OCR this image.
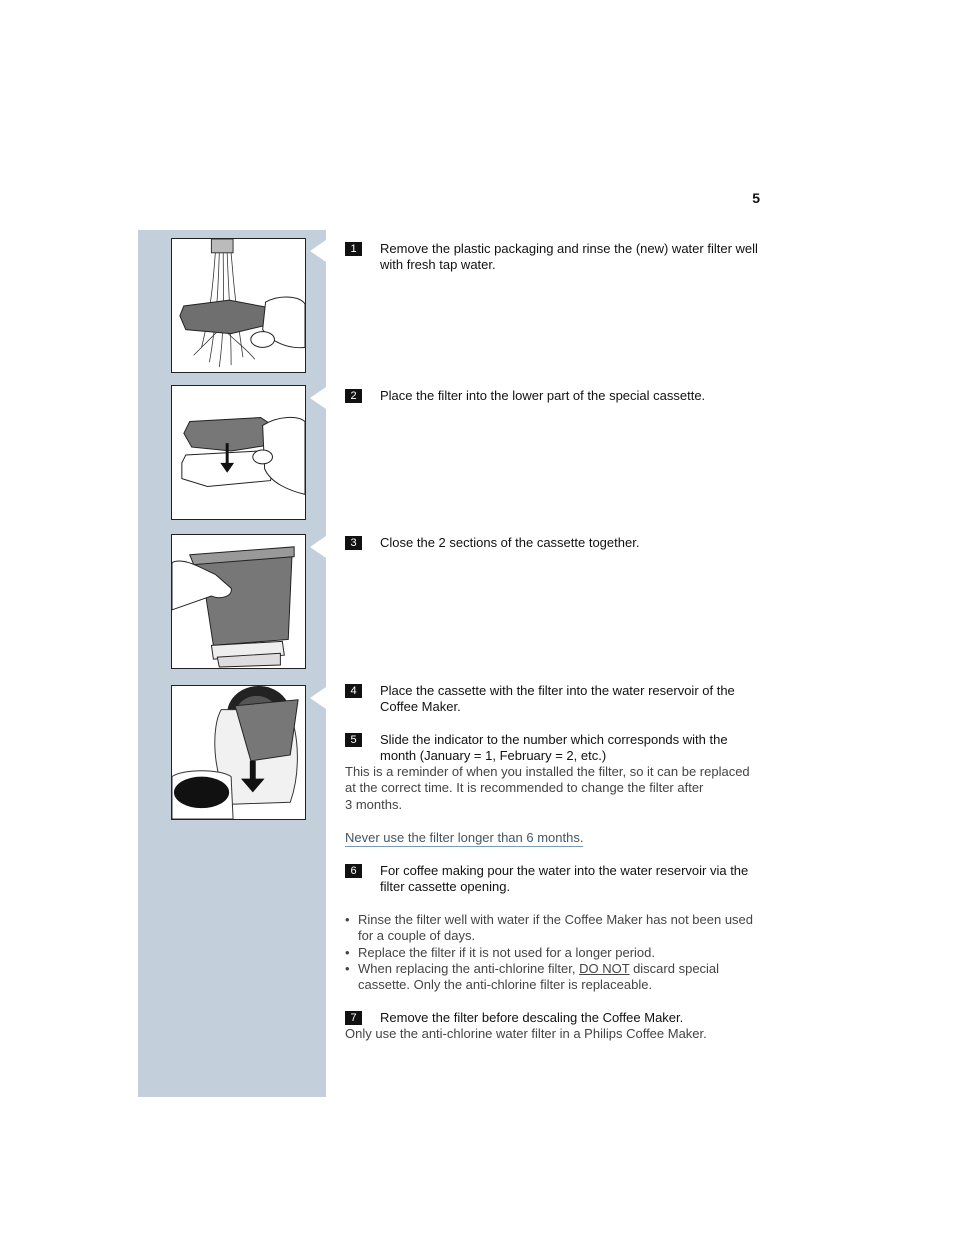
5
1	Remove the plastic packaging and rinse the (new) water filter well with fresh tap water.
2	Place the filter into the lower part of the special cassette.
3	Close the 2 sections of the cassette together.
4	Place the cassette with the filter into the water reservoir of the Coffee Maker.
5	Slide the indicator to the number which corresponds with the month (January = 1, February = 2, etc.)
This is a reminder of when you installed the filter, so it can be replaced
at the correct time. It is recommended to change the filter after
3 months.
Never use the filter longer than 6 months.
6	For coffee making pour the water into the water reservoir via the filter cassette opening.
• Rinse the filter well with water if the Coffee Maker has not been used for a couple of days.
• Replace the filter if it is not used for a longer period.
• When replacing the anti-chlorine filter, DO NOT discard special cassette. Only the anti-chlorine filter is replaceable.
7	Remove the filter before descaling the Coffee Maker.
Only use the anti-chlorine water filter in a Philips Coffee Maker.
